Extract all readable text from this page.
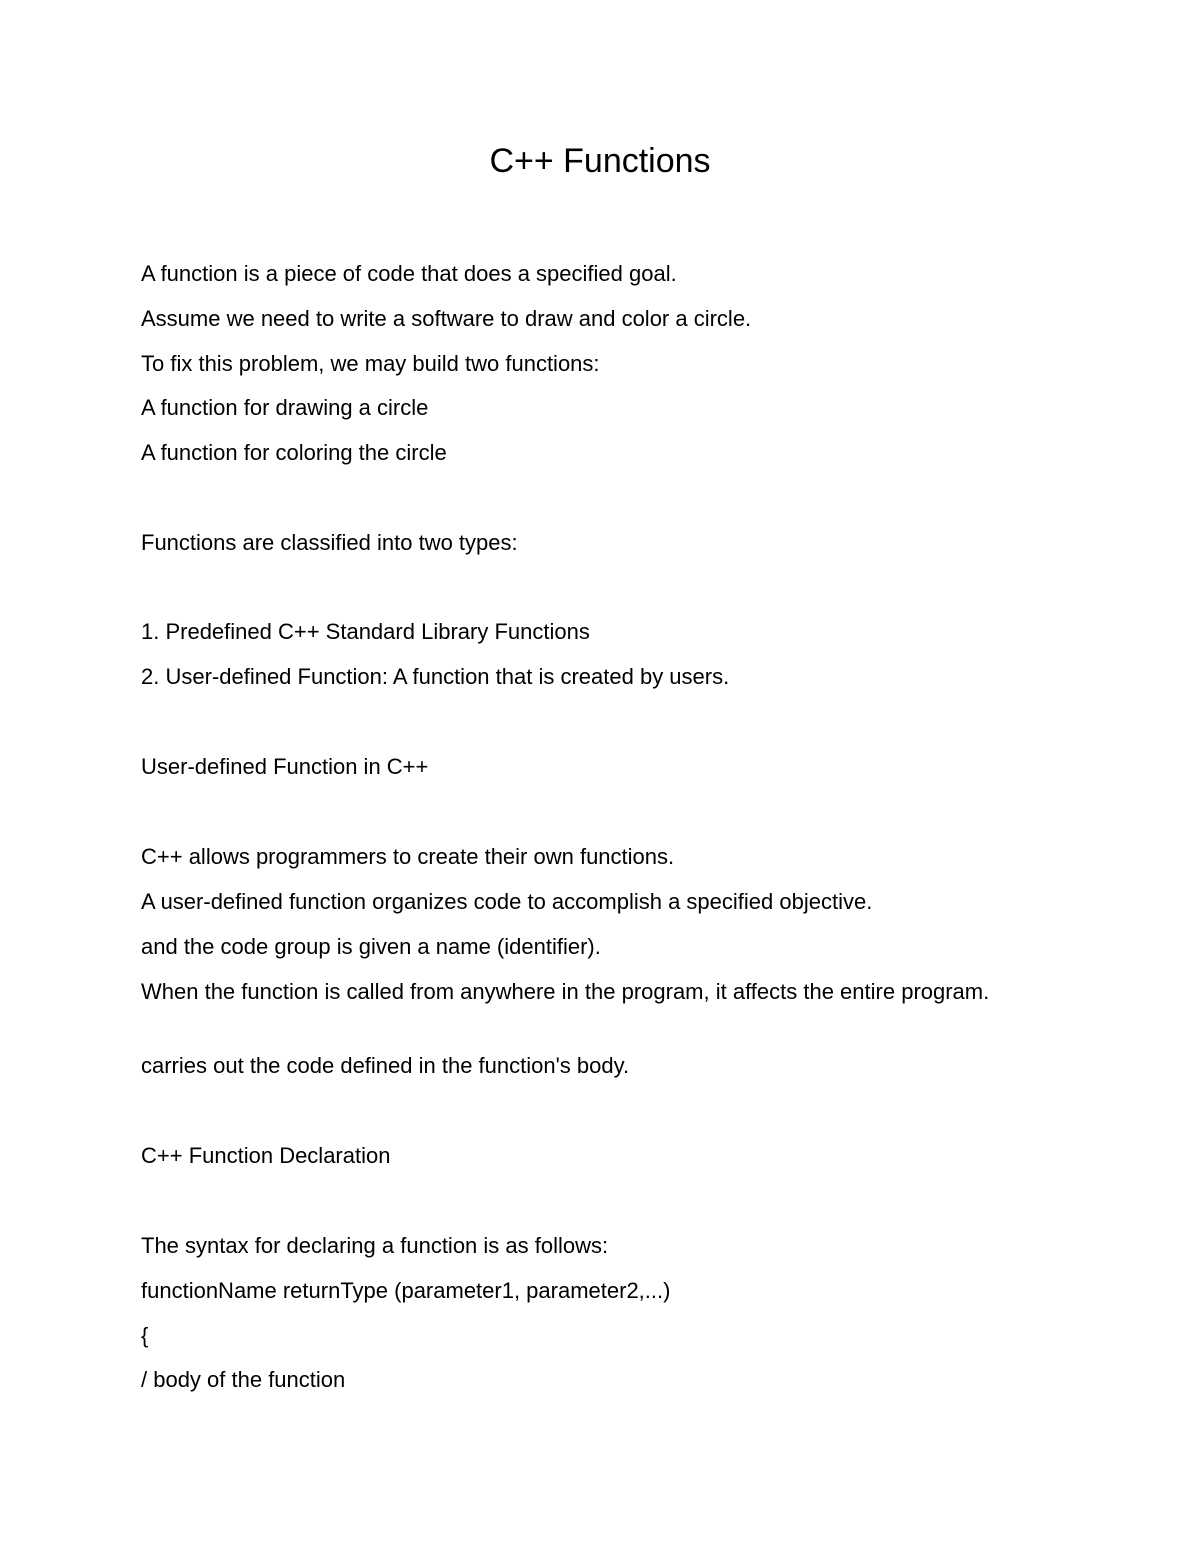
C++ Functions
A function is a piece of code that does a specified goal.
Assume we need to write a software to draw and color a circle.
To fix this problem, we may build two functions:
A function for drawing a circle
A function for coloring the circle
Functions are classified into two types:
1. Predefined C++ Standard Library Functions
2. User-defined Function: A function that is created by users.
User-defined Function in C++
C++ allows programmers to create their own functions.
A user-defined function organizes code to accomplish a specified objective.
and the code group is given a name (identifier).
When the function is called from anywhere in the program, it affects the entire program.
carries out the code defined in the function's body.
C++ Function Declaration
The syntax for declaring a function is as follows:
functionName returnType (parameter1, parameter2,...)
{
/ body of the function
